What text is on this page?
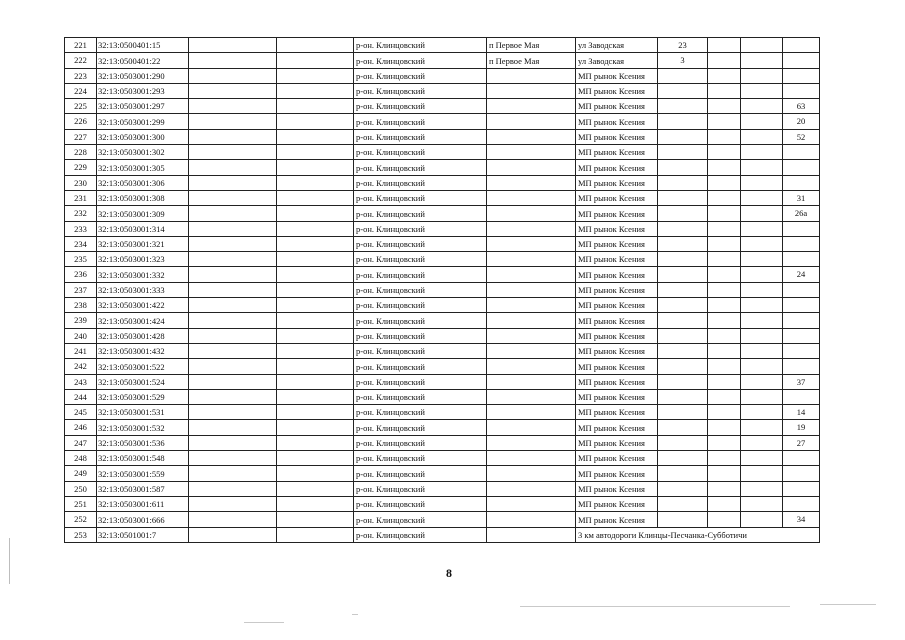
221	32:13:0500401:15			р-он. Клинцовский	п Первое Мая	ул Заводская	23			
222	32:13:0500401:22			р-он. Клинцовский	п Первое Мая	ул Заводская	3			
223	32:13:0503001:290			р-он. Клинцовский		МП рынок Ксения				
224	32:13:0503001:293			р-он. Клинцовский		МП рынок Ксения				
225	32:13:0503001:297			р-он. Клинцовский		МП рынок Ксения				63
226	32:13:0503001:299			р-он. Клинцовский		МП рынок Ксения				20
227	32:13:0503001:300			р-он. Клинцовский		МП рынок Ксения				52
228	32:13:0503001:302			р-он. Клинцовский		МП рынок Ксения				
229	32:13:0503001:305			р-он. Клинцовский		МП рынок Ксения				
230	32:13:0503001:306			р-он. Клинцовский		МП рынок Ксения				
231	32:13:0503001:308			р-он. Клинцовский		МП рынок Ксения				31
232	32:13:0503001:309			р-он. Клинцовский		МП рынок Ксения				26а
233	32:13:0503001:314			р-он. Клинцовский		МП рынок Ксения				
234	32:13:0503001:321			р-он. Клинцовский		МП рынок Ксения				
235	32:13:0503001:323			р-он. Клинцовский		МП рынок Ксения				
236	32:13:0503001:332			р-он. Клинцовский		МП рынок Ксения				24
237	32:13:0503001:333			р-он. Клинцовский		МП рынок Ксения				
238	32:13:0503001:422			р-он. Клинцовский		МП рынок Ксения				
239	32:13:0503001:424			р-он. Клинцовский		МП рынок Ксения				
240	32:13:0503001:428			р-он. Клинцовский		МП рынок Ксения				
241	32:13:0503001:432			р-он. Клинцовский		МП рынок Ксения				
242	32:13:0503001:522			р-он. Клинцовский		МП рынок Ксения				
243	32:13:0503001:524			р-он. Клинцовский		МП рынок Ксения				37
244	32:13:0503001:529			р-он. Клинцовский		МП рынок Ксения				
245	32:13:0503001:531			р-он. Клинцовский		МП рынок Ксения				14
246	32:13:0503001:532			р-он. Клинцовский		МП рынок Ксения				19
247	32:13:0503001:536			р-он. Клинцовский		МП рынок Ксения				27
248	32:13:0503001:548			р-он. Клинцовский		МП рынок Ксения				
249	32:13:0503001:559			р-он. Клинцовский		МП рынок Ксения				
250	32:13:0503001:587			р-он. Клинцовский		МП рынок Ксения				
251	32:13:0503001:611			р-он. Клинцовский		МП рынок Ксения				
252	32:13:0503001:666			р-он. Клинцовский		МП рынок Ксения				34
253	32:13:0501001:7			р-он. Клинцовский		3 км автодороги Клинцы-Песчанка-Субботичи				
8
